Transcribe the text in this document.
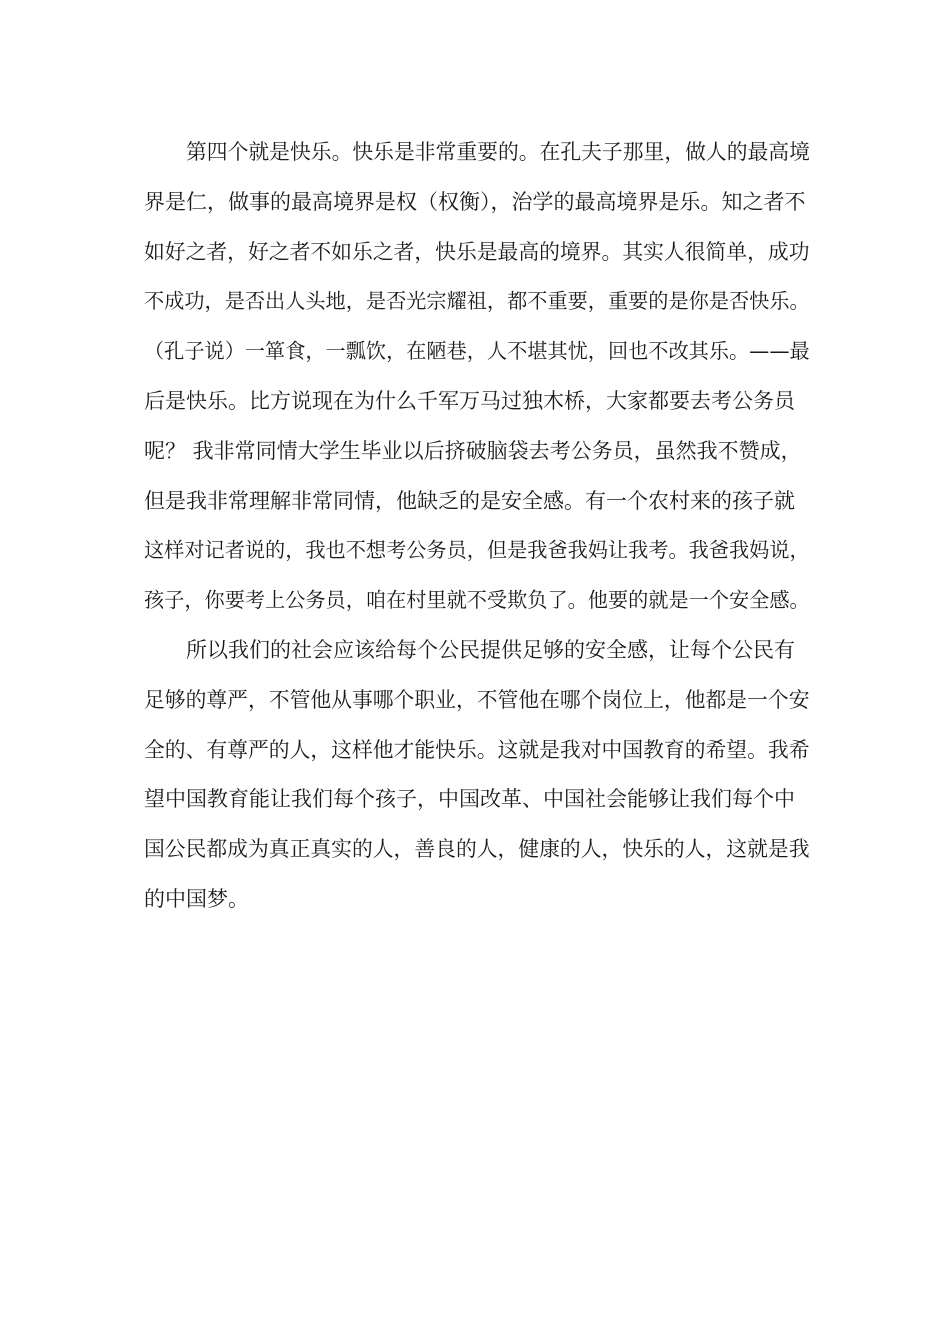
第四个就是快乐。快乐是非常重要的。在孔夫子那里，做人的最高境
界是仁，做事的最高境界是权（权衡），治学的最高境界是乐。知之者不
如好之者，好之者不如乐之者，快乐是最高的境界。其实人很简单，成功
不成功，是否出人头地，是否光宗耀祖，都不重要，重要的是你是否快乐。
（孔子说）一箪食，一瓢饮，在陋巷，人不堪其忧，回也不改其乐。——最
后是快乐。比方说现在为什么千军万马过独木桥，大家都要去考公务员
呢？ 我非常同情大学生毕业以后挤破脑袋去考公务员，虽然我不赞成，
但是我非常理解非常同情，他缺乏的是安全感。有一个农村来的孩子就
这样对记者说的，我也不想考公务员，但是我爸我妈让我考。我爸我妈说，
孩子，你要考上公务员，咱在村里就不受欺负了。他要的就是一个安全感。
所以我们的社会应该给每个公民提供足够的安全感，让每个公民有
足够的尊严，不管他从事哪个职业，不管他在哪个岗位上，他都是一个安
全的、有尊严的人，这样他才能快乐。这就是我对中国教育的希望。我希
望中国教育能让我们每个孩子，中国改革、中国社会能够让我们每个中
国公民都成为真正真实的人，善良的人，健康的人，快乐的人，这就是我
的中国梦。
